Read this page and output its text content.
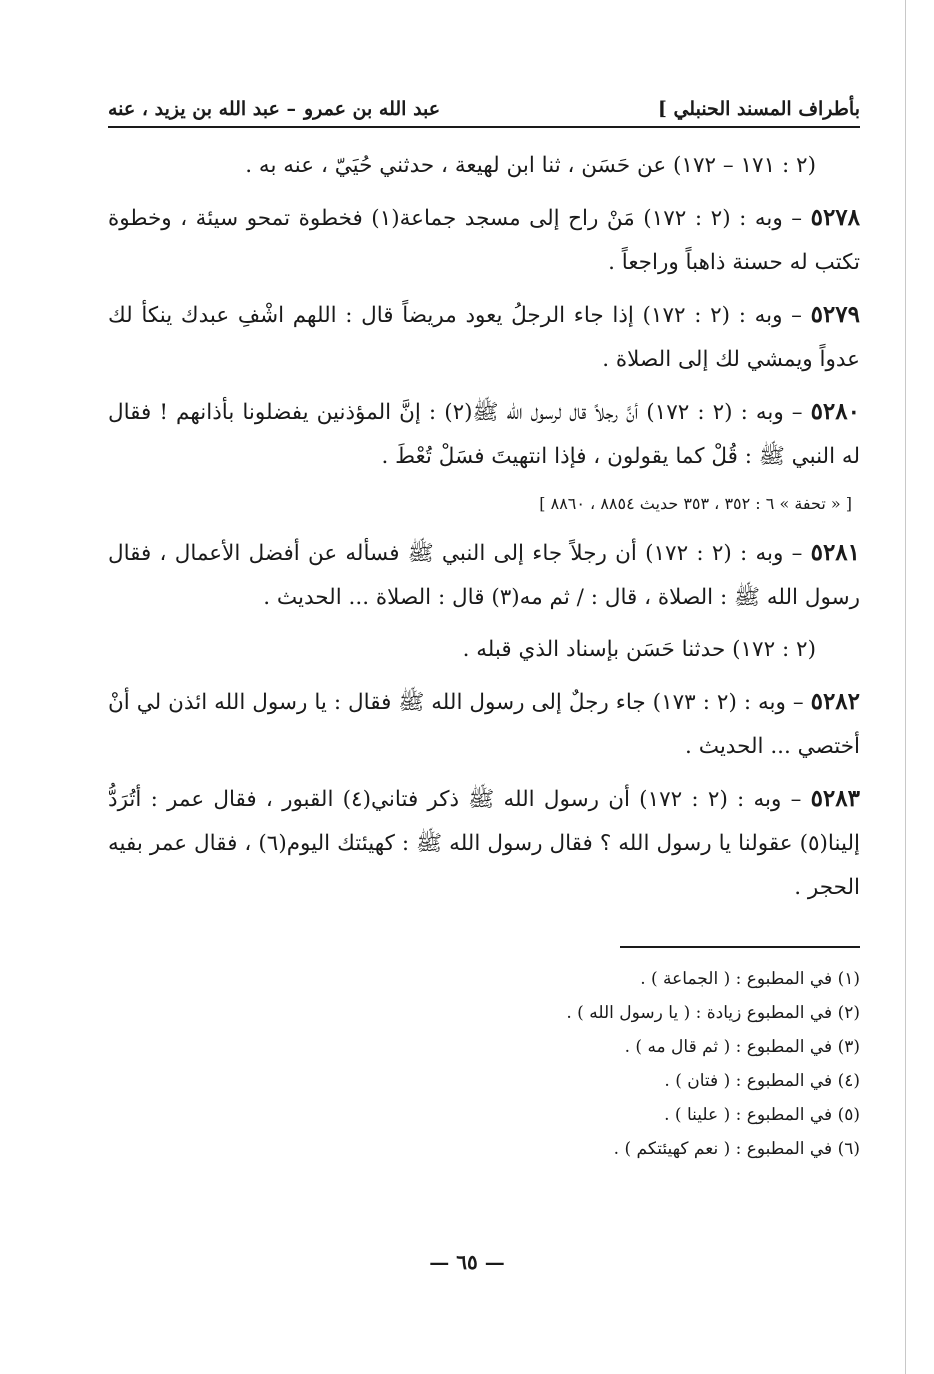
بأطراف المسند الحنبلي ]
عبد الله بن عمرو
– عبد الله بن يزيد ، عنه

(٢ : ١٧١ – ١٧٢) عن حَسَن ، ثنا ابن لهيعة ، حدثني حُيَيّ ، عنه به .

٥٢٧٨ – وبه : (٢ : ١٧٢) مَنْ راح إلى مسجد جماعة(١) فخطوة تمحو سيئة ، وخطوة تكتب له حسنة ذاهباً وراجعاً .

٥٢٧٩ – وبه : (٢ : ١٧٢) إذا جاء الرجلُ يعود مريضاً قال : اللهم اشْفِ عبدك ينكأ لك عدواً ويمشي لك إلى الصلاة .

٥٢٨٠ – وبه : (٢ : ١٧٢) أنَّ رجلاً قال لرسول الله ﷺ(٢) : إنَّ المؤذنين يفضلونا بأذانهم ! فقال له النبي ﷺ : قُلْ كما يقولون ، فإذا انتهيتَ فسَلْ تُعْطَ .

[ « تحفة » ٦ : ٣٥٢ ، ٣٥٣ حديث ٨٨٥٤ ، ٨٨٦٠ ]

٥٢٨١ – وبه : (٢ : ١٧٢) أن رجلاً جاء إلى النبي ﷺ فسأله عن أفضل الأعمال ، فقال رسول الله ﷺ : الصلاة ، قال : / ثم مه(٣) قال : الصلاة ... الحديث .

(٢ : ١٧٢) حدثنا حَسَن بإسناد الذي قبله .

٥٢٨٢ – وبه : (٢ : ١٧٣) جاء رجلٌ إلى رسول الله ﷺ فقال : يا رسول الله ائذن لي أنْ أختصي ... الحديث .

٥٢٨٣ – وبه : (٢ : ١٧٢) أن رسول الله ﷺ ذكر فتاني(٤) القبور ، فقال عمر : أتُرَدُّ إلينا(٥) عقولنا يا رسول الله ؟ فقال رسول الله ﷺ : كهيئتك اليوم(٦) ، فقال عمر بفيه الحجر .

(١) في المطبوع : ( الجماعة ) .

(٢) في المطبوع زيادة : ( يا رسول الله ) .

(٣) في المطبوع : ( ثم قال مه ) .

(٤) في المطبوع : ( فتان ) .

(٥) في المطبوع : ( علينا ) .

(٦) في المطبوع : ( نعم كهيئتكم ) .

— ٦٥ —
